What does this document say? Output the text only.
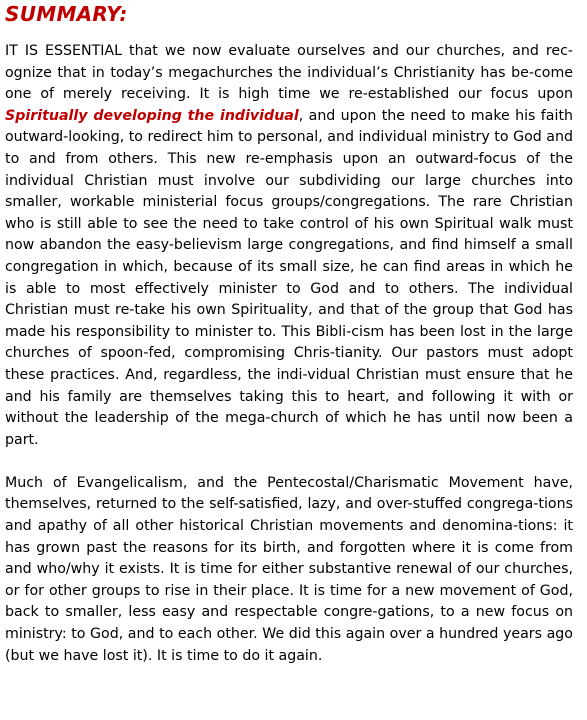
SUMMARY:

IT IS ESSENTIAL that we now evaluate ourselves and our churches, and rec-ognize that in today’s megachurches the individual’s Christianity has be-come one of merely receiving. It is high time we re-established our focus upon Spiritually developing the individual, and upon the need to make his faith outward-looking, to redirect him to personal, and individual ministry to God and to and from others. This new re-emphasis upon an outward-focus of the individual Christian must involve our subdividing our large churches into smaller, workable ministerial focus groups/congregations. The rare Christian who is still able to see the need to take control of his own Spiritual walk must now abandon the easy-believism large congregations, and find himself a small congregation in which, because of its small size, he can find areas in which he is able to most effectively minister to God and to others. The individual Christian must re-take his own Spirituality, and that of the group that God has made his responsibility to minister to. This Bibli-cism has been lost in the large churches of spoon-fed, compromising Chris-tianity. Our pastors must adopt these practices. And, regardless, the indi-vidual Christian must ensure that he and his family are themselves taking this to heart, and following it with or without the leadership of the mega-church of which he has until now been a part.

Much of Evangelicalism, and the Pentecostal/Charismatic Movement have, themselves, returned to the self-satisfied, lazy, and over-stuffed congrega-tions and apathy of all other historical Christian movements and denomina-tions: it has grown past the reasons for its birth, and forgotten where it is come from and who/why it exists. It is time for either substantive renewal of our churches, or for other groups to rise in their place. It is time for a new movement of God, back to smaller, less easy and respectable congre-gations, to a new focus on ministry: to God, and to each other. We did this again over a hundred years ago (but we have lost it). It is time to do it again.
